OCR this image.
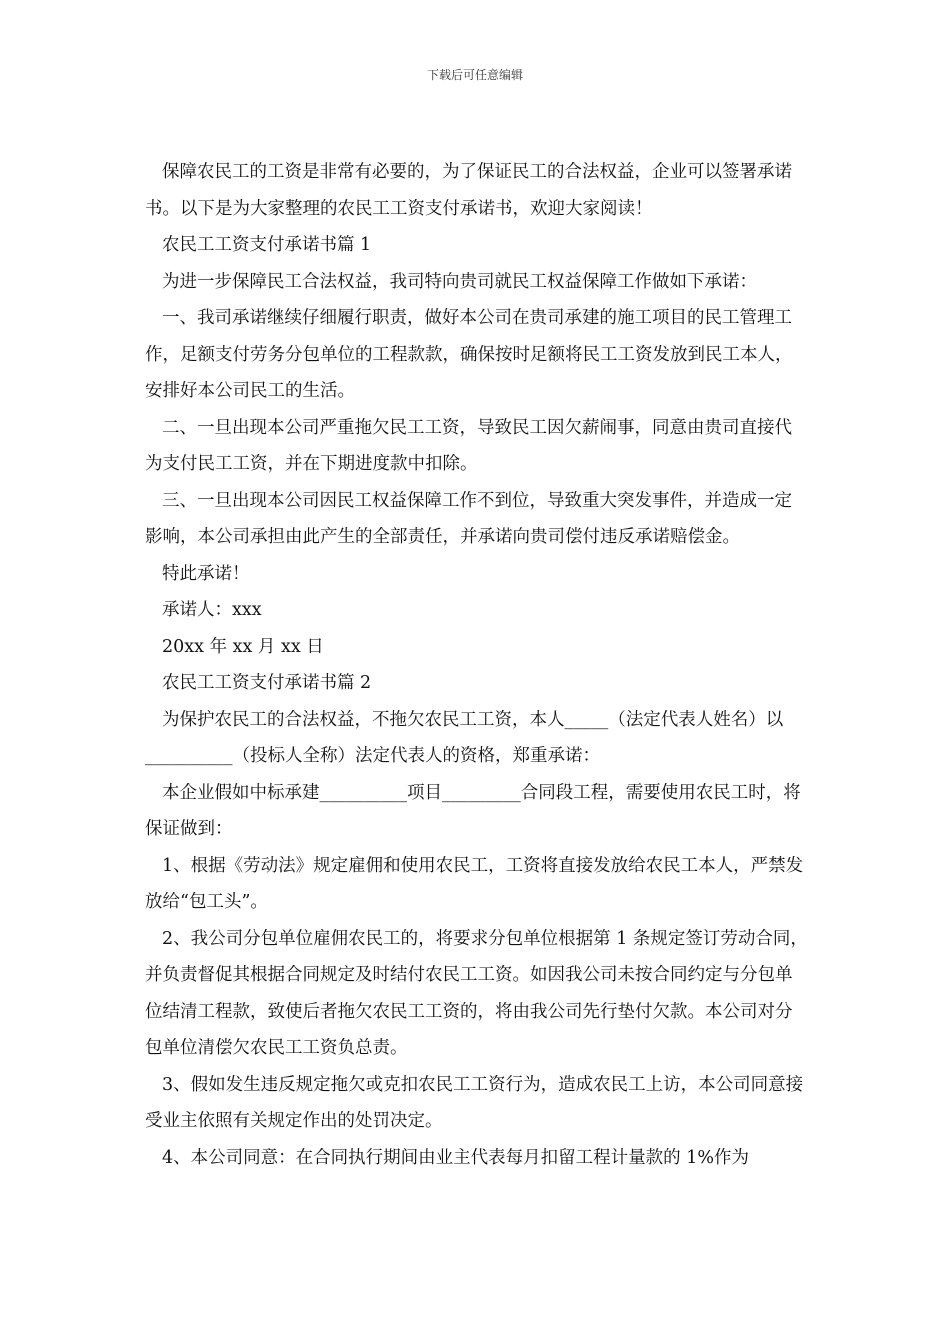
下载后可任意编辑

保障农民工的工资是非常有必要的，为了保证民工的合法权益，企业可以签署承诺书。以下是为大家整理的农民工工资支付承诺书，欢迎大家阅读！

农民工工资支付承诺书篇 1

为进一步保障民工合法权益，我司特向贵司就民工权益保障工作做如下承诺：

一、我司承诺继续仔细履行职责，做好本公司在贵司承建的施工项目的民工管理工作，足额支付劳务分包单位的工程款款，确保按时足额将民工工资发放到民工本人，安排好本公司民工的生活。

二、一旦出现本公司严重拖欠民工工资，导致民工因欠薪闹事，同意由贵司直接代为支付民工工资，并在下期进度款中扣除。

三、一旦出现本公司因民工权益保障工作不到位，导致重大突发事件，并造成一定影响，本公司承担由此产生的全部责任，并承诺向贵司偿付违反承诺赔偿金。

特此承诺！

承诺人：xxx

20xx 年 xx 月 xx 日

农民工工资支付承诺书篇 2

为保护农民工的合法权益，不拖欠农民工工资，本人_____（法定代表人姓名）以__________（投标人全称）法定代表人的资格，郑重承诺：

本企业假如中标承建__________项目_________合同段工程，需要使用农民工时，将保证做到：

1、根据《劳动法》规定雇佣和使用农民工，工资将直接发放给农民工本人，严禁发放给“包工头”。

2、我公司分包单位雇佣农民工的，将要求分包单位根据第 1 条规定签订劳动合同，并负责督促其根据合同规定及时结付农民工工资。如因我公司未按合同约定与分包单位结清工程款，致使后者拖欠农民工工资的，将由我公司先行垫付欠款。本公司对分包单位清偿欠农民工工资负总责。

3、假如发生违反规定拖欠或克扣农民工工资行为，造成农民工上访，本公司同意接受业主依照有关规定作出的处罚决定。

4、本公司同意：在合同执行期间由业主代表每月扣留工程计量款的 1%作为
